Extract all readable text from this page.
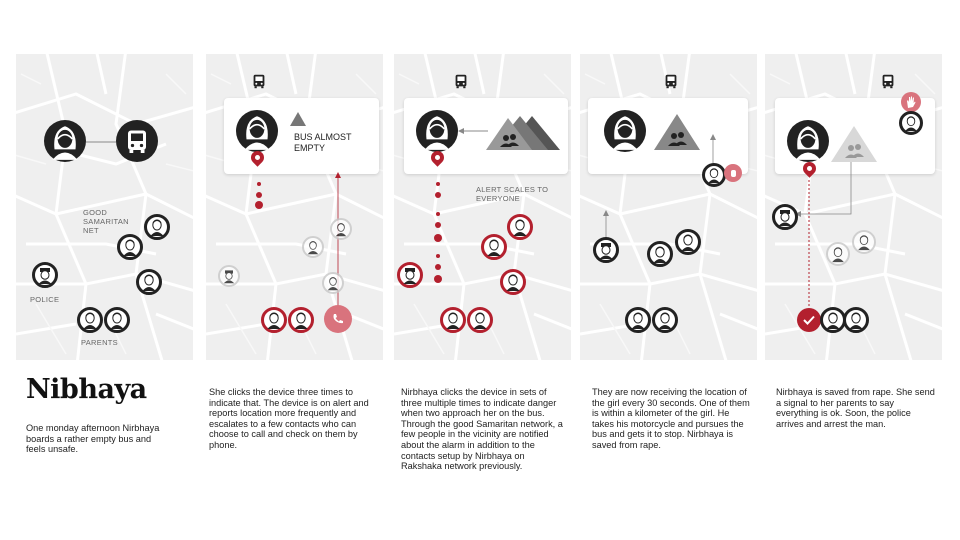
GOOD SAMARITAN NET
POLICE
PARENTS
BUS ALMOST EMPTY
ALERT SCALES TO EVERYONE
Nibhaya
One monday afternoon Nirbhaya boards a rather empty bus and feels unsafe.
She clicks the device three times to indicate that. The device is on alert and reports location more frequently and escalates to a few contacts who can choose to call and check on them by phone.
Nirbhaya clicks the device in sets of three multiple times to indicate danger when two approach her on the bus. Through the good Samaritan network, a few people in the vicinity are notified about the alarm in addition to the contacts setup by Nirbhaya on Rakshaka network previously.
They are now receiving the location of the girl every 30 seconds. One of them is within a kilometer of the girl. He takes his motorcycle and pursues the bus and gets it to stop. Nirbhaya is saved from rape.
Nirbhaya is saved from rape. She send a signal to her parents to say everything is ok. Soon, the police arrives and arrest the man.
